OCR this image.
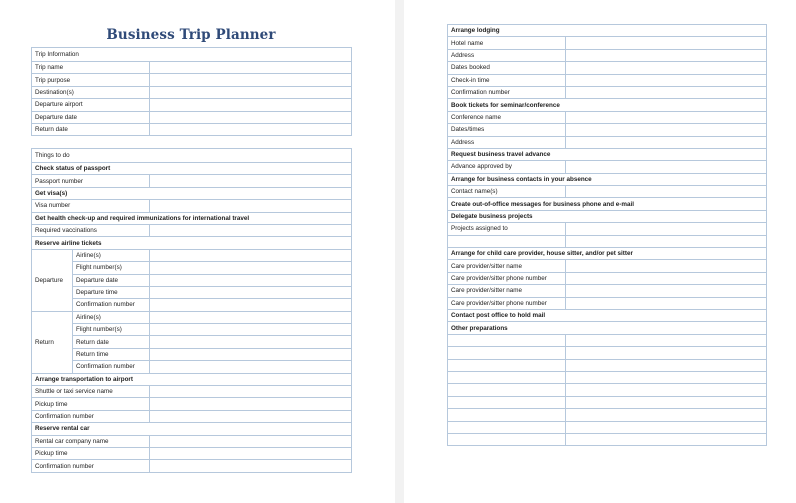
Business Trip Planner
Trip Information	
Trip name	
Trip purpose	
Destination(s)	
Departure airport	
Departure date	
Return date	
Things to do		
Check status of passport		
Passport number		
Get visa(s)		
Visa number		
Get health check-up and required immunizations for international travel		
Required vaccinations		
Reserve airline tickets		
Departure	Airline(s)	
	Flight number(s)	
	Departure date	
	Departure time	
	Confirmation number	
Return	Airline(s)	
	Flight number(s)	
	Return date	
	Return time	
	Confirmation number	
Arrange transportation to airport		
Shuttle or taxi service name		
Pickup time		
Confirmation number		
Reserve rental car		
Rental car company name		
Pickup time		
Confirmation number		
Arrange lodging	
Hotel name	
Address	
Dates booked	
Check-in time	
Confirmation number	
Book tickets for seminar/conference	
Conference name	
Dates/times	
Address	
Request business travel advance	
Advance approved by	
Arrange for business contacts in your absence	
Contact name(s)	
Create out-of-office messages for business phone and e-mail	
Delegate business projects	
Projects assigned to	

Arrange for child care provider, house sitter, and/or pet sitter	
Care provider/sitter name	
Care provider/sitter phone number	
Care provider/sitter name	
Care provider/sitter phone number	
Contact post office to hold mail	
Other preparations	
